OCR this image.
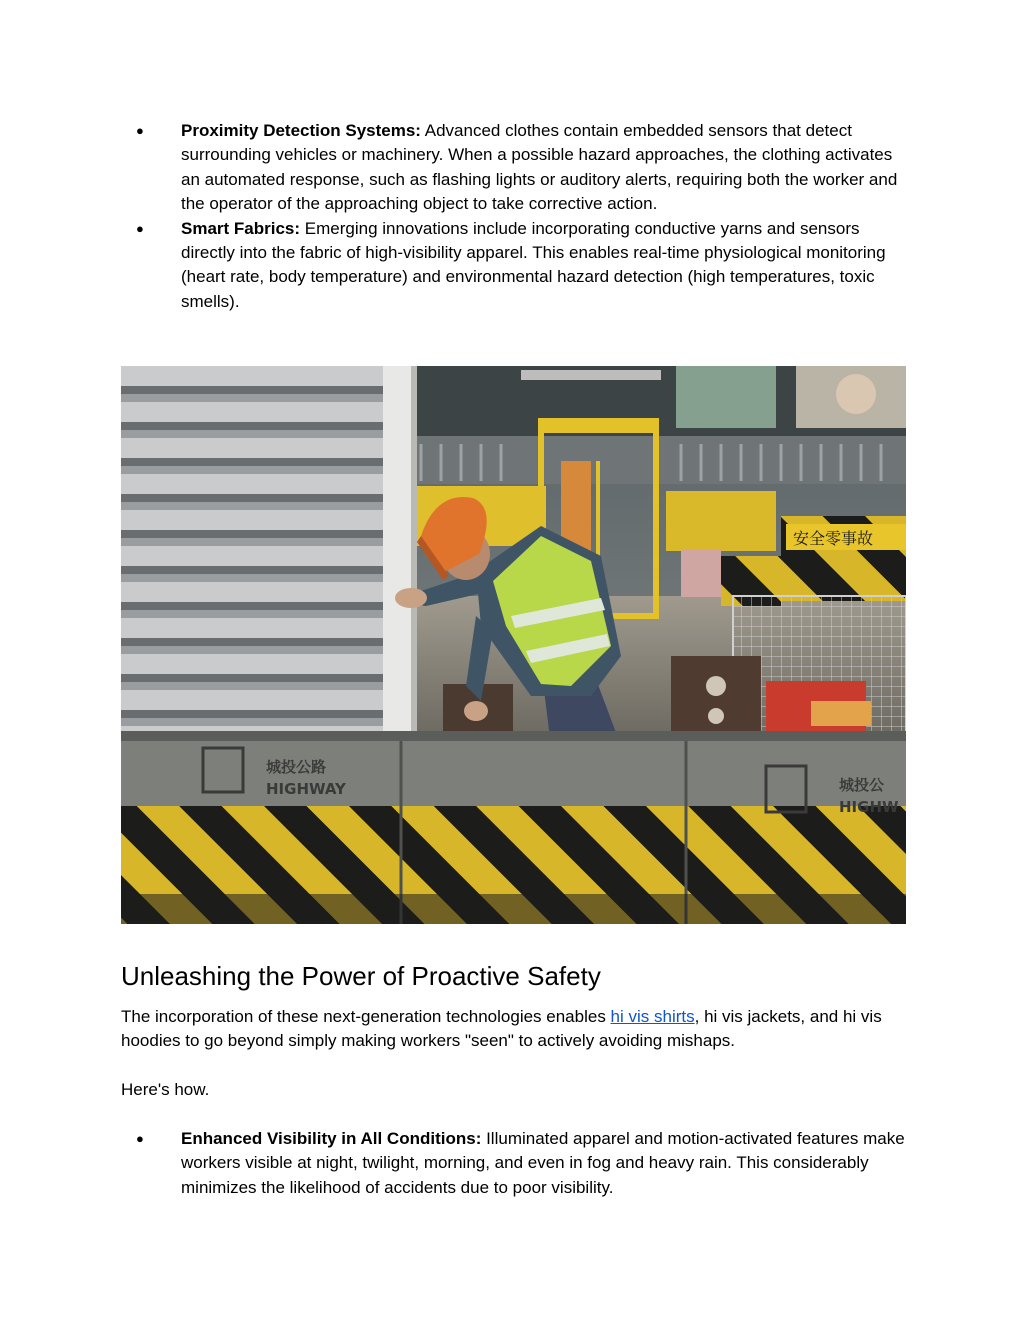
● Proximity Detection Systems: Advanced clothes contain embedded sensors that detect surrounding vehicles or machinery. When a possible hazard approaches, the clothing activates an automated response, such as flashing lights or auditory alerts, requiring both the worker and the operator of the approaching object to take corrective action.
● Smart Fabrics: Emerging innovations include incorporating conductive yarns and sensors directly into the fabric of high-visibility apparel. This enables real-time physiological monitoring (heart rate, body temperature) and environmental hazard detection (high temperatures, toxic smells).
安全零事故
城投公路
HIGHWAY	城投公
HIGHW
Unleashing the Power of Proactive Safety

The incorporation of these next-generation technologies enables hi vis shirts, hi vis jackets, and hi vis hoodies to go beyond simply making workers "seen" to actively avoiding mishaps.

Here's how.

● Enhanced Visibility in All Conditions: Illuminated apparel and motion-activated features make workers visible at night, twilight, morning, and even in fog and heavy rain. This considerably minimizes the likelihood of accidents due to poor visibility.
